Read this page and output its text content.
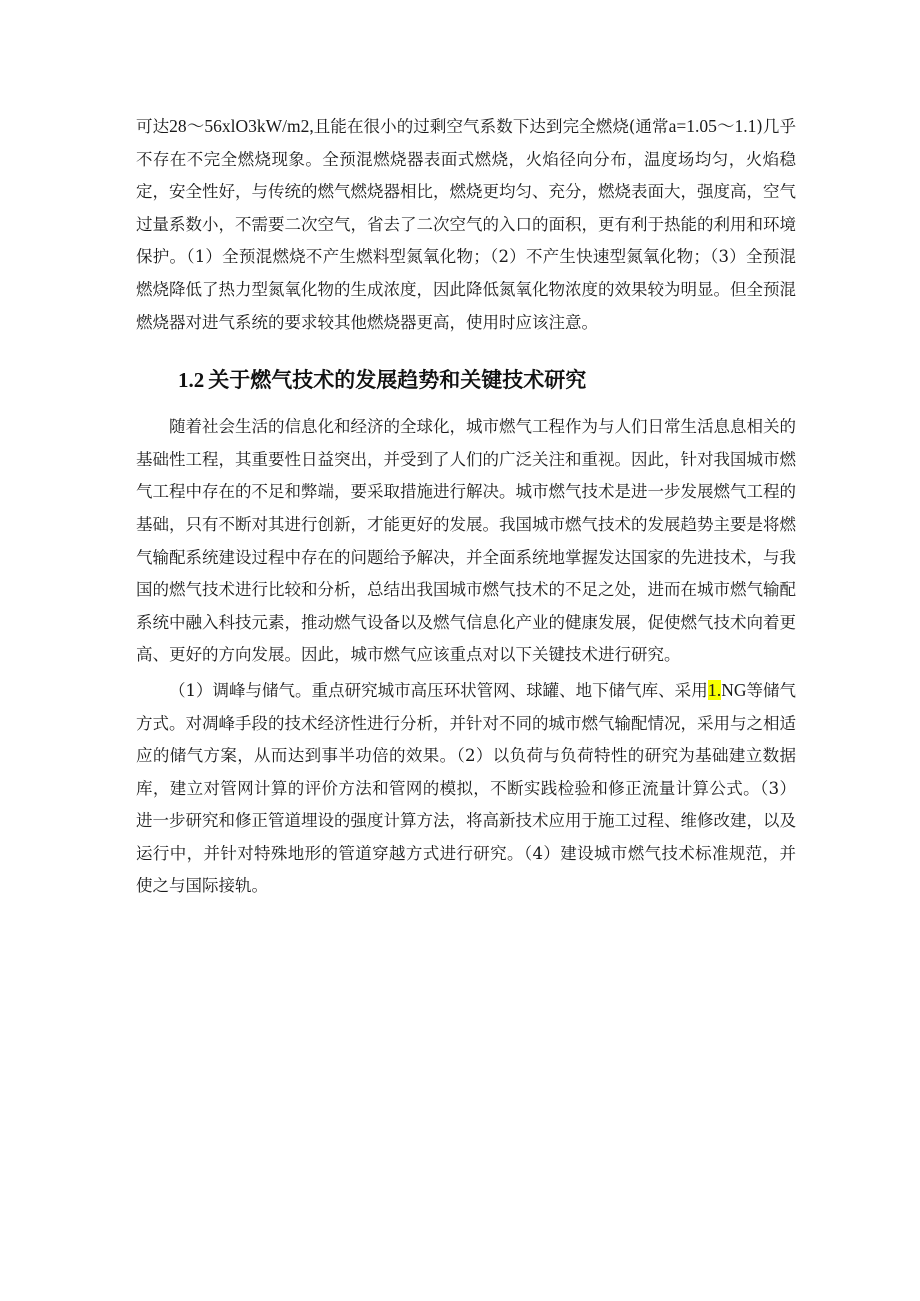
可达28～56xlO3kW/m2,且能在很小的过剩空气系数下达到完全燃烧(通常a=1.05～1.1)几乎不存在不完全燃烧现象。全预混燃烧器表面式燃烧，火焰径向分布，温度场均匀，火焰稳定，安全性好，与传统的燃气燃烧器相比，燃烧更均匀、充分，燃烧表面大，强度高，空气过量系数小，不需要二次空气，省去了二次空气的入口的面积，更有利于热能的利用和环境保护。（1）全预混燃烧不产生燃料型氮氧化物；（2）不产生快速型氮氧化物；（3）全预混燃烧降低了热力型氮氧化物的生成浓度，因此降低氮氧化物浓度的效果较为明显。但全预混燃烧器对进气系统的要求较其他燃烧器更高，使用时应该注意。

1.2 关于燃气技术的发展趋势和关键技术研究

随着社会生活的信息化和经济的全球化，城市燃气工程作为与人们日常生活息息相关的基础性工程，其重要性日益突出，并受到了人们的广泛关注和重视。因此，针对我国城市燃气工程中存在的不足和弊端，要采取措施进行解决。城市燃气技术是进一步发展燃气工程的基础，只有不断对其进行创新，才能更好的发展。我国城市燃气技术的发展趋势主要是将燃气输配系统建设过程中存在的问题给予解决，并全面系统地掌握发达国家的先进技术，与我国的燃气技术进行比较和分析，总结出我国城市燃气技术的不足之处，进而在城市燃气输配系统中融入科技元素，推动燃气设备以及燃气信息化产业的健康发展，促使燃气技术向着更高、更好的方向发展。因此，城市燃气应该重点对以下关键技术进行研究。

（1）调峰与储气。重点研究城市高压环状管网、球罐、地下储气库、采用1.NG等储气方式。对凋峰手段的技术经济性进行分析，并针对不同的城市燃气输配情况，采用与之相适应的储气方案，从而达到事半功倍的效果。（2）以负荷与负荷特性的研究为基础建立数据库，建立对管网计算的评价方法和管网的模拟，不断实践检验和修正流量计算公式。（3）进一步研究和修正管道埋设的强度计算方法，将高新技术应用于施工过程、维修改建，以及运行中，并针对特殊地形的管道穿越方式进行研究。（4）建设城市燃气技术标准规范，并使之与国际接轨。
